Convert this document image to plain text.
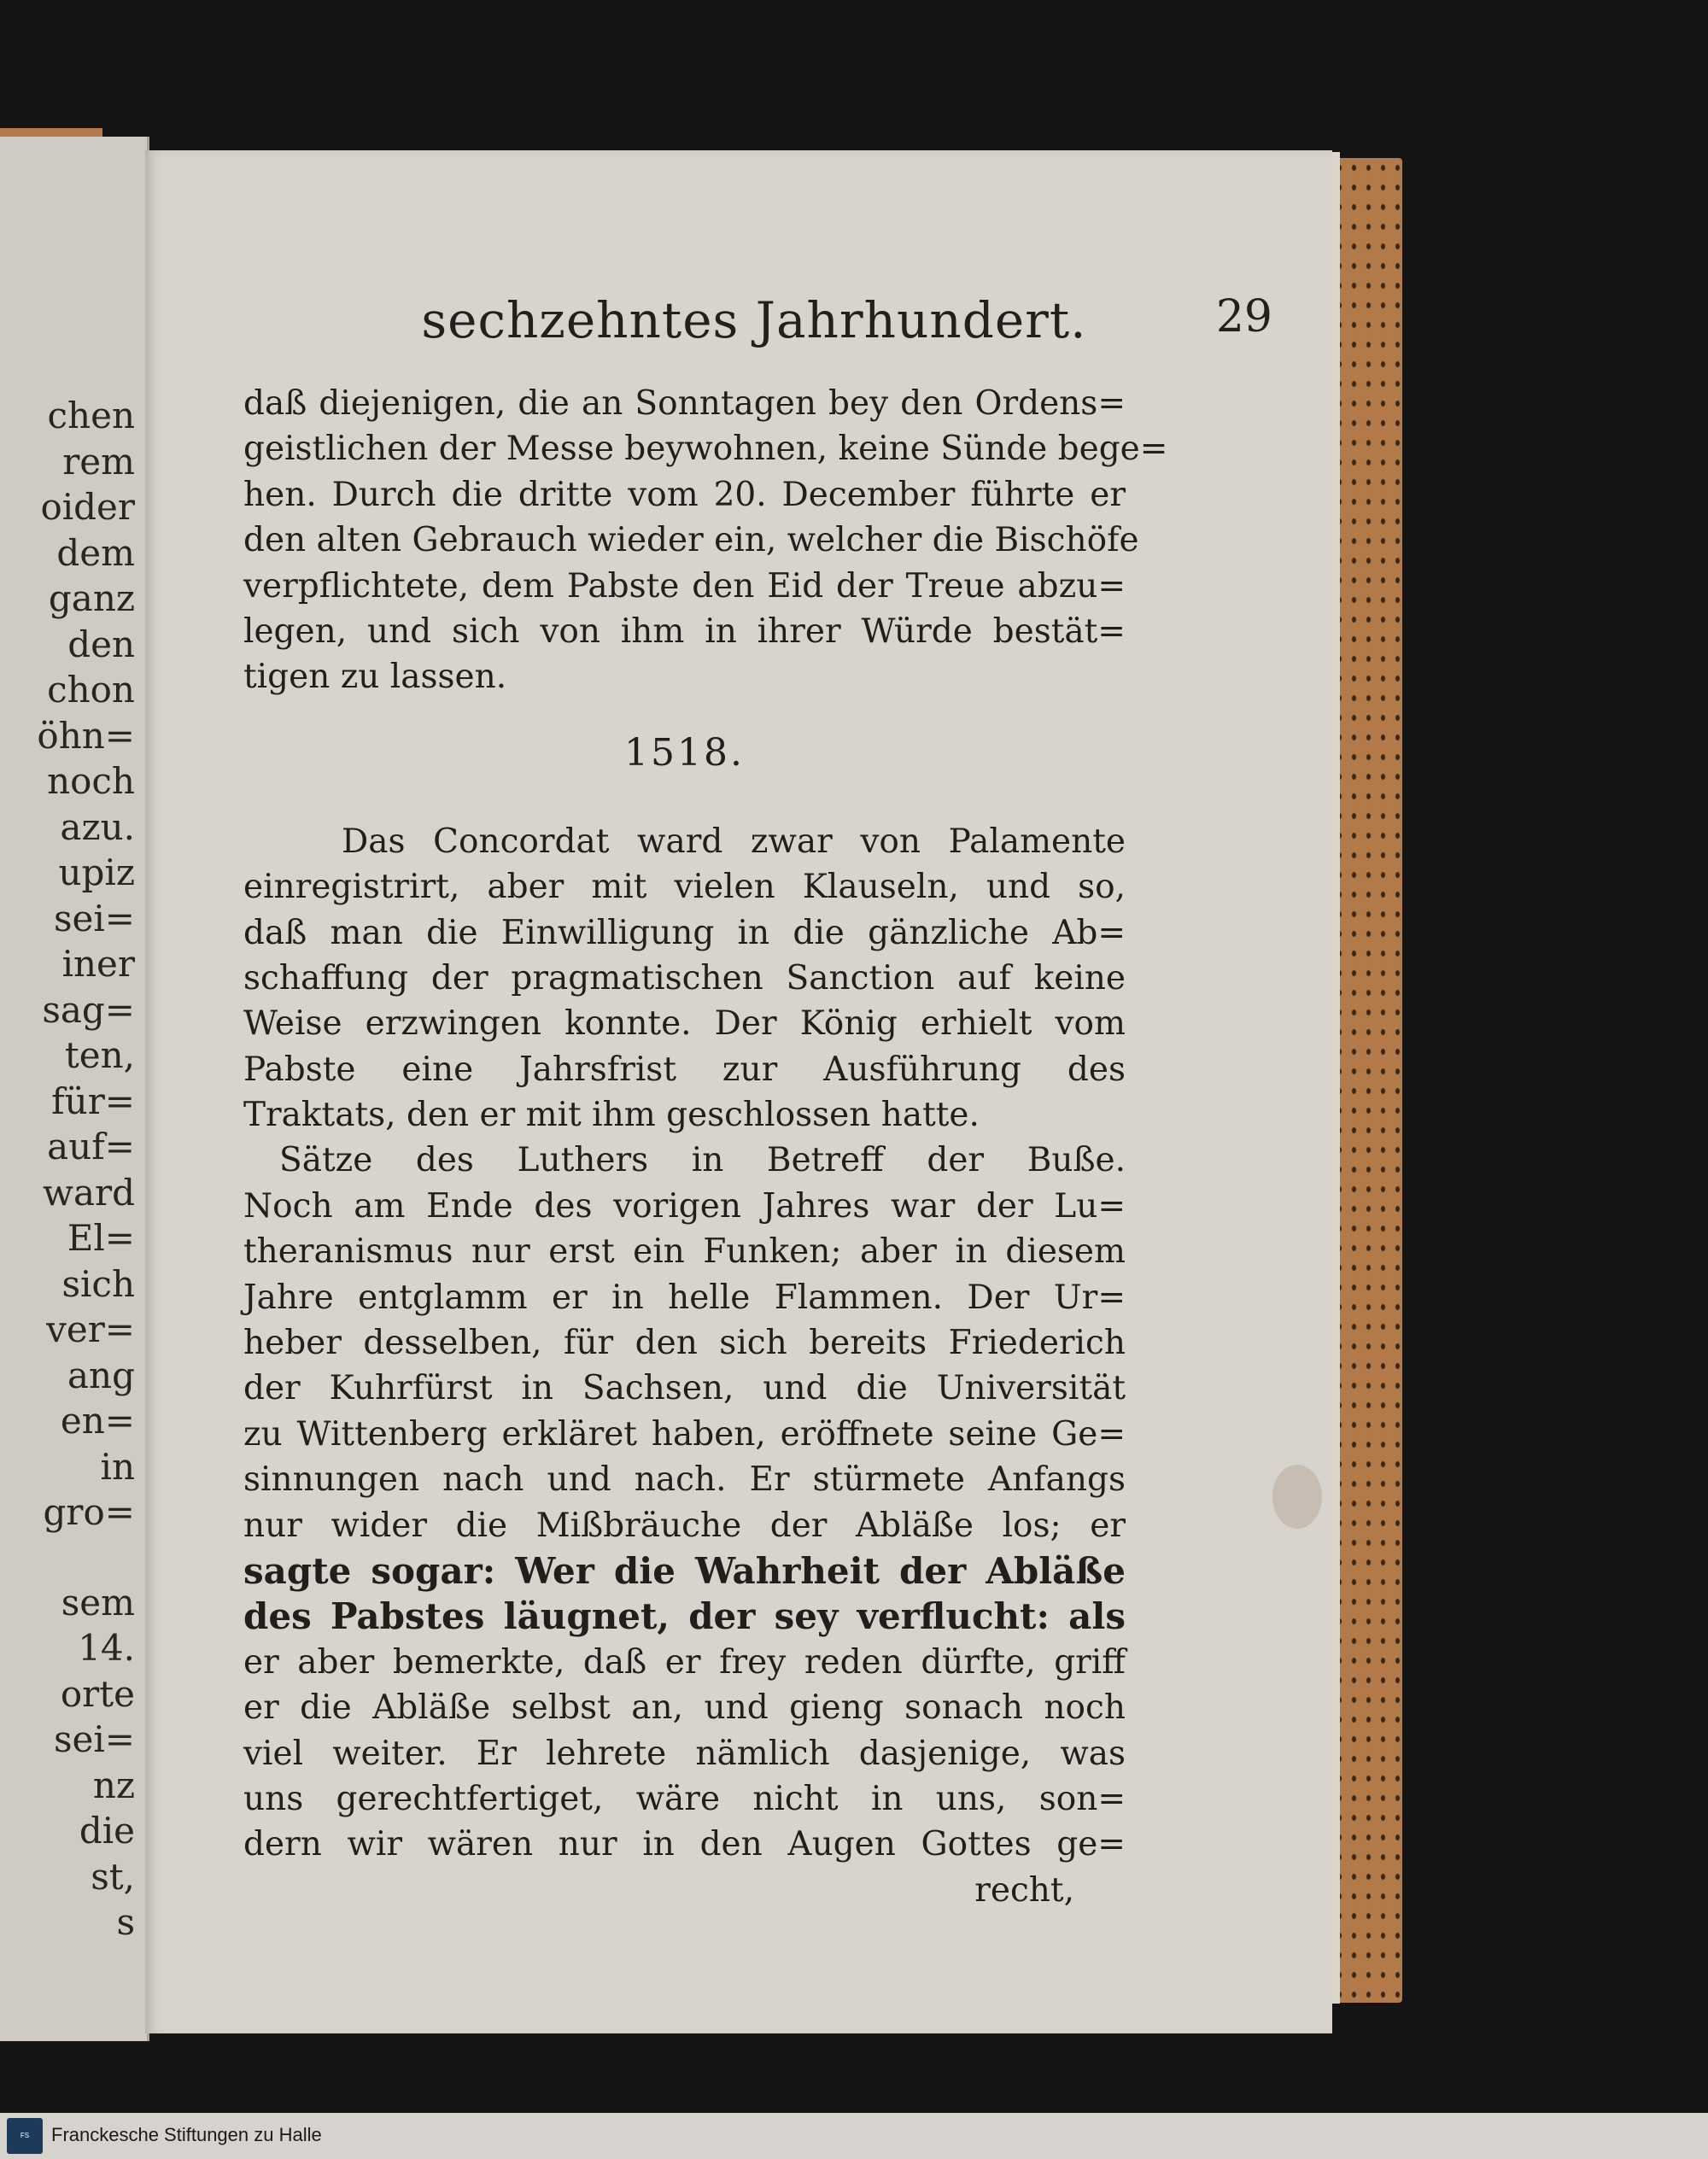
chen
rem
oider
dem
ganz
den
chon
öhn=
noch
azu.
upiz
sei=
iner
sag=
ten,
für=
auf=
ward
El=
sich
ver=
ang
en=
in
gro=
sem
14.
orte
sei=
nz
die
st,
s
sechzehntes Jahrhundert.	29
daß diejenigen, die an Sonntagen bey den Ordens=
geistlichen der Messe beywohnen, keine Sünde bege=
hen. Durch die dritte vom 20. December führte er
den alten Gebrauch wieder ein, welcher die Bischöfe
verpflichtete, dem Pabste den Eid der Treue abzu=
legen, und sich von ihm in ihrer Würde bestät=
tigen zu lassen.
1518.
Das Concordat ward zwar von Palamente
einregistrirt, aber mit vielen Klauseln, und so,
daß man die Einwilligung in die gänzliche Ab=
schaffung der pragmatischen Sanction auf keine
Weise erzwingen konnte. Der König erhielt vom
Pabste eine Jahrsfrist zur Ausführung des
Traktats, den er mit ihm geschlossen hatte.
Sätze des Luthers in Betreff der Buße.
Noch am Ende des vorigen Jahres war der Lu=
theranismus nur erst ein Funken; aber in diesem
Jahre entglamm er in helle Flammen. Der Ur=
heber desselben, für den sich bereits Friederich
der Kuhrfürst in Sachsen, und die Universität
zu Wittenberg erkläret haben, eröffnete seine Ge=
sinnungen nach und nach. Er stürmete Anfangs
nur wider die Mißbräuche der Abläße los; er
sagte sogar: Wer die Wahrheit der Abläße
des Pabstes läugnet, der sey verflucht: als
er aber bemerkte, daß er frey reden dürfte, griff
er die Abläße selbst an, und gieng sonach noch
viel weiter. Er lehrete nämlich dasjenige, was
uns gerechtfertiget, wäre nicht in uns, son=
dern wir wären nur in den Augen Gottes ge=
recht,
FS	Franckesche Stiftungen zu Halle
